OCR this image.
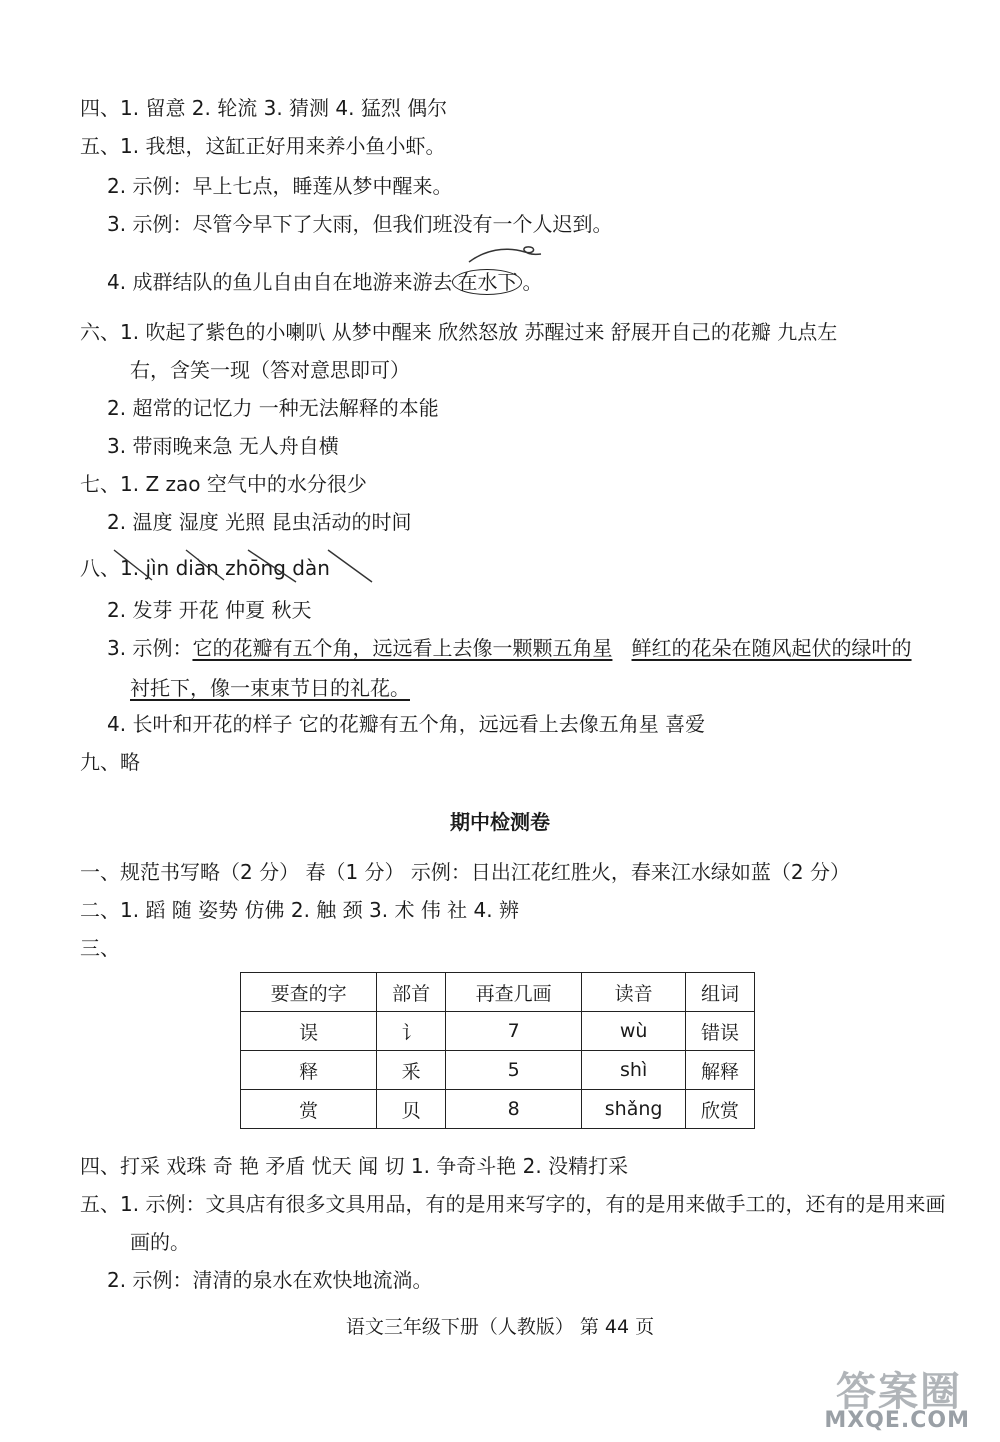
四、1. 留意 2. 轮流 3. 猜测 4. 猛烈 偶尔
五、1. 我想，这缸正好用来养小鱼小虾。
2. 示例：早上七点，睡莲从梦中醒来。
3. 示例：尽管今早下了大雨，但我们班没有一个人迟到。
4. 成群结队的鱼儿自由自在地游来游去 在水下 。
六、1. 吹起了紫色的小喇叭 从梦中醒来 欣然怒放 苏醒过来 舒展开自己的花瓣 九点左
右，含笑一现（答对意思即可）
2. 超常的记忆力 一种无法解释的本能
3. 带雨晚来急 无人舟自横
七、1. Z zao 空气中的水分很少
2. 温度 湿度 光照 昆虫活动的时间
八、1. jìn diàn zhōng dàn
2. 发芽 开花 仲夏 秋天
3. 示例：它的花瓣有五个角，远远看上去像一颗颗五角星 鲜红的花朵在随风起伏的绿叶的
衬托下，像一束束节日的礼花。
4. 长叶和开花的样子 它的花瓣有五个角，远远看上去像五角星 喜爱
九、略
期中检测卷
一、规范书写略（2 分） 春（1 分） 示例：日出江花红胜火，春来江水绿如蓝（2 分）
二、1. 蹈 随 姿势 仿佛 2. 触 颈 3. 术 伟 社 4. 辨
三、
要查的字	部首	再查几画	读音	组词
误	讠	7	wù	错误
释	釆	5	shì	解释
赏	贝	8	shǎng	欣赏
四、打采 戏珠 奇 艳 矛盾 忧天 闻 切 1. 争奇斗艳 2. 没精打采
五、1. 示例：文具店有很多文具用品，有的是用来写字的，有的是用来做手工的，还有的是用来画
画的。
2. 示例：清清的泉水在欢快地流淌。
语文三年级下册（人教版） 第 44 页
答案圈
MXQE.COM
